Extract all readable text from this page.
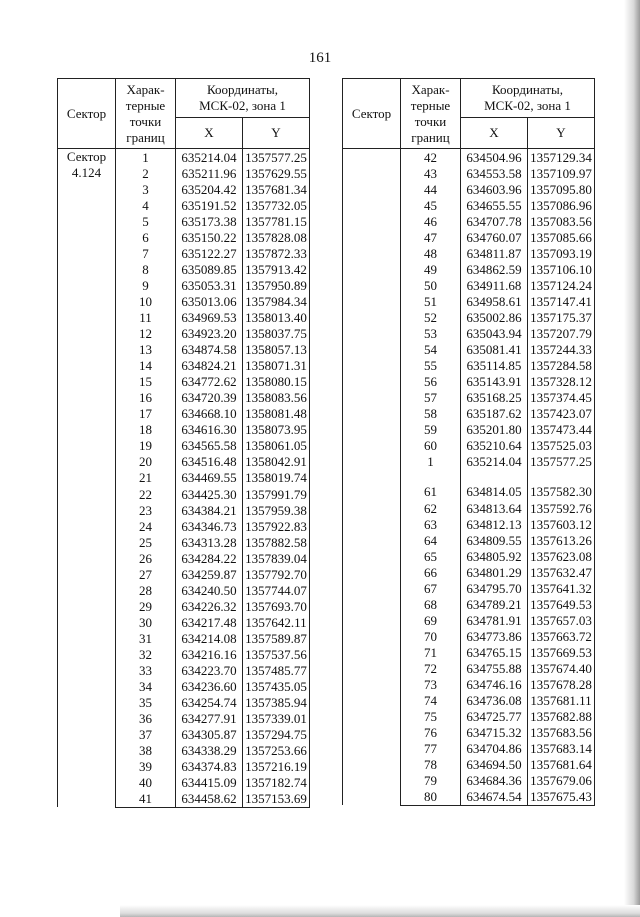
161
Сектор	Харак-
терные
точки
границ	Координаты,
МСК-02, зона 1	
		X	Y
Сектор
4.124	1	635214.04	1357577.25
	2	635211.96	1357629.55
	3	635204.42	1357681.34
	4	635191.52	1357732.05
	5	635173.38	1357781.15
	6	635150.22	1357828.08
	7	635122.27	1357872.33
	8	635089.85	1357913.42
	9	635053.31	1357950.89
	10	635013.06	1357984.34
	11	634969.53	1358013.40
	12	634923.20	1358037.75
	13	634874.58	1358057.13
	14	634824.21	1358071.31
	15	634772.62	1358080.15
	16	634720.39	1358083.56
	17	634668.10	1358081.48
	18	634616.30	1358073.95
	19	634565.58	1358061.05
	20	634516.48	1358042.91
	21	634469.55	1358019.74
	22	634425.30	1357991.79
	23	634384.21	1357959.38
	24	634346.73	1357922.83
	25	634313.28	1357882.58
	26	634284.22	1357839.04
	27	634259.87	1357792.70
	28	634240.50	1357744.07
	29	634226.32	1357693.70
	30	634217.48	1357642.11
	31	634214.08	1357589.87
	32	634216.16	1357537.56
	33	634223.70	1357485.77
	34	634236.60	1357435.05
	35	634254.74	1357385.94
	36	634277.91	1357339.01
	37	634305.87	1357294.75
	38	634338.29	1357253.66
	39	634374.83	1357216.19
	40	634415.09	1357182.74
	41	634458.62	1357153.69
Сектор	Харак-
терные
точки
границ	Координаты,
МСК-02, зона 1	
		X	Y
	42	634504.96	1357129.34
	43	634553.58	1357109.97
	44	634603.96	1357095.80
	45	634655.55	1357086.96
	46	634707.78	1357083.56
	47	634760.07	1357085.66
	48	634811.87	1357093.19
	49	634862.59	1357106.10
	50	634911.68	1357124.24
	51	634958.61	1357147.41
	52	635002.86	1357175.37
	53	635043.94	1357207.79
	54	635081.41	1357244.33
	55	635114.85	1357284.58
	56	635143.91	1357328.12
	57	635168.25	1357374.45
	58	635187.62	1357423.07
	59	635201.80	1357473.44
	60	635210.64	1357525.03
	1	635214.04	1357577.25

	61	634814.05	1357582.30
	62	634813.64	1357592.76
	63	634812.13	1357603.12
	64	634809.55	1357613.26
	65	634805.92	1357623.08
	66	634801.29	1357632.47
	67	634795.70	1357641.32
	68	634789.21	1357649.53
	69	634781.91	1357657.03
	70	634773.86	1357663.72
	71	634765.15	1357669.53
	72	634755.88	1357674.40
	73	634746.16	1357678.28
	74	634736.08	1357681.11
	75	634725.77	1357682.88
	76	634715.32	1357683.56
	77	634704.86	1357683.14
	78	634694.50	1357681.64
	79	634684.36	1357679.06
	80	634674.54	1357675.43
